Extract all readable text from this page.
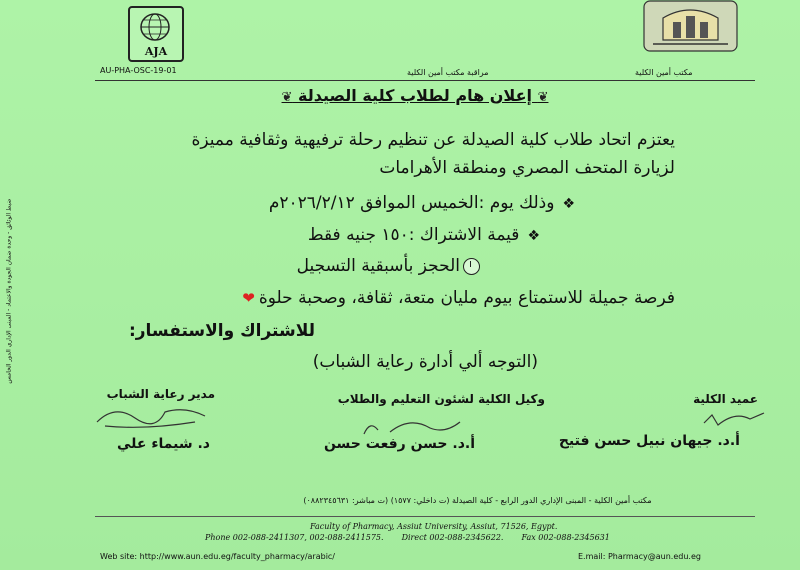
AJA
AU-PHA-OSC-19-01	مراقبة مكتب أمين الكلية	مكتب أمين الكلية
❦ إعلان هام لطلاب كلية الصيدلة ❦
يعتزم اتحاد طلاب كلية الصيدلة عن تنظيم رحلة ترفيهية وثقافية مميزة
لزيارة المتحف المصري ومنطقة الأهرامات
❖وذلك يوم :الخميس الموافق ٢٠٢٦/٢/١٢م
❖قيمة الاشتراك :١٥٠ جنيه فقط
الحجز بأسبقية التسجيل
فرصة جميلة للاستمتاع بيوم مليان متعة، ثقافة، وصحبة حلوة❤
للاشتراك والاستفسار:
(التوجه ألي أدارة رعاية الشباب)
عميد الكلية
وكيل الكلية لشئون التعليم والطلاب
مدير رعاية الشباب
أ.د. جيهان نبيل حسن فتيح
أ.د. حسن رفعت حسن
د. شيماء علي
ضبط الوثائق - وحدة ضمان الجودة والاعتماد - المبنى الإداري الدور الخامس
مكتب أمين الكلية - المبنى الإداري الدور الرابع - كلية الصيدلة (ت داخلي: ١٥٧٧) (ت مباشر: ٠٨٨٢٣٤٥٦٣١)
Faculty of Pharmacy, Assiut University, Assiut, 71526, Egypt.
Phone 002-088-2411307, 002-088-2411575. Direct 002-088-2345622. Fax 002-088-2345631
Web site: http://www.aun.edu.eg/faculty_pharmacy/arabic/	E.mail: Pharmacy@aun.edu.eg
